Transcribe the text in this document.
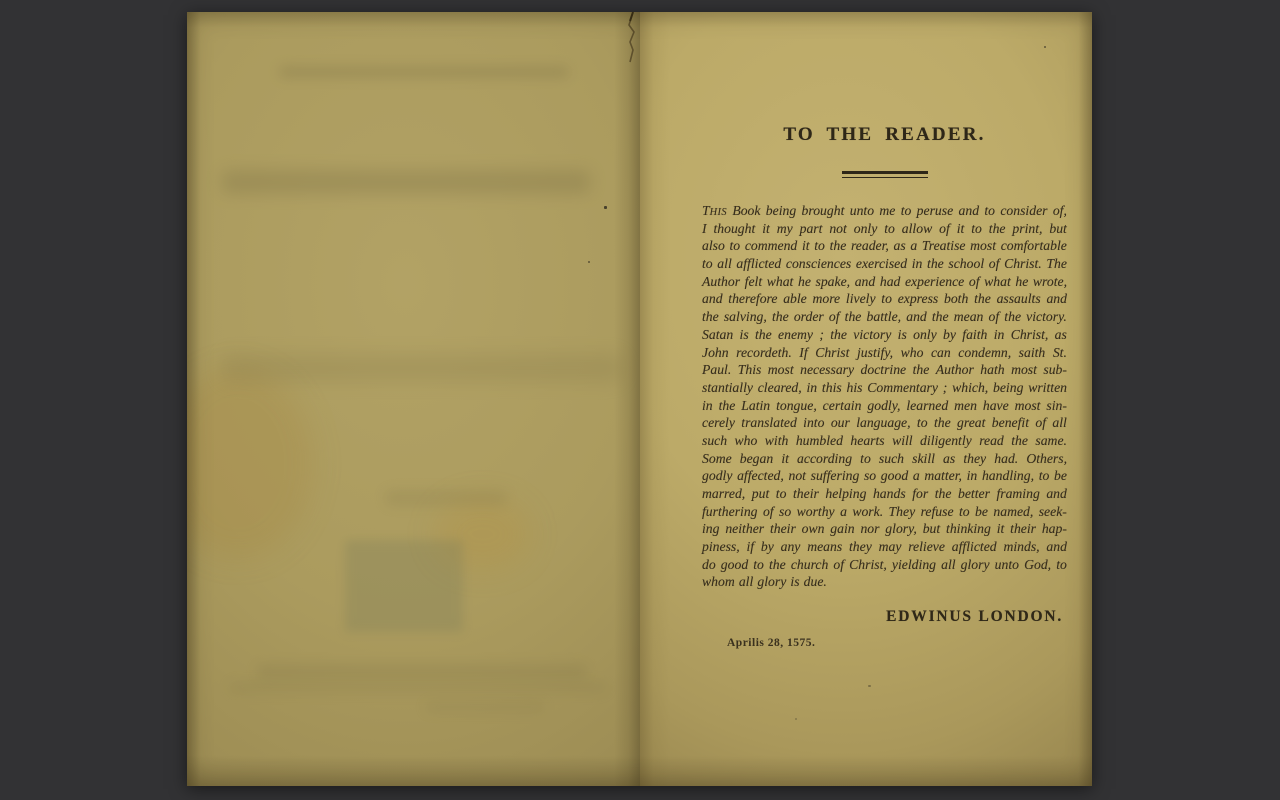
TO THE READER.
THIS Book being brought unto me to peruse and to consider of,
I thought it my part not only to allow of it to the print, but
also to commend it to the reader, as a Treatise most comfortable
to all afflicted consciences exercised in the school of Christ. The
Author felt what he spake, and had experience of what he wrote,
and therefore able more lively to express both the assaults and
the salving, the order of the battle, and the mean of the victory.
Satan is the enemy ; the victory is only by faith in Christ, as
John recordeth. If Christ justify, who can condemn, saith St.
Paul. This most necessary doctrine the Author hath most sub-
stantially cleared, in this his Commentary ; which, being written
in the Latin tongue, certain godly, learned men have most sin-
cerely translated into our language, to the great benefit of all
such who with humbled hearts will diligently read the same.
Some began it according to such skill as they had. Others,
godly affected, not suffering so good a matter, in handling, to be
marred, put to their helping hands for the better framing and
furthering of so worthy a work. They refuse to be named, seek-
ing neither their own gain nor glory, but thinking it their hap-
piness, if by any means they may relieve afflicted minds, and
do good to the church of Christ, yielding all glory unto God, to
whom all glory is due.

EDWINUS LONDON.

Aprilis 28, 1575.
